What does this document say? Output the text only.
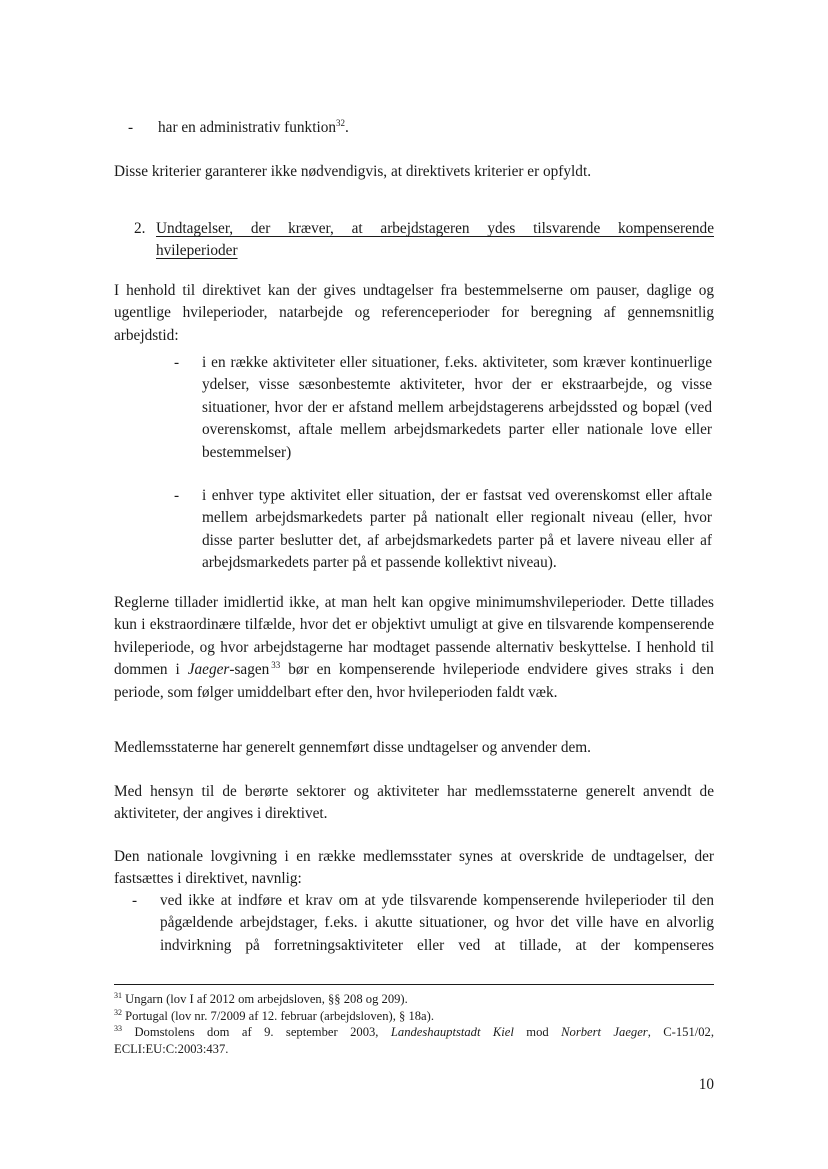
- har en administrativ funktion$^{32}$.
Disse kriterier garanterer ikke nødvendigvis, at direktivets kriterier er opfyldt.
2. Undtagelser, der kræver, at arbejdstageren ydes tilsvarende kompenserende
hvileperioder
I henhold til direktivet kan der gives undtagelser fra bestemmelserne om pauser, daglige og ugentlige hvileperioder, natarbejde og referenceperioder for beregning af gennemsnitlig arbejdstid:
- i en række aktiviteter eller situationer, f.eks. aktiviteter, som kræver kontinuerlige ydelser, visse sæsonbestemte aktiviteter, hvor der er ekstraarbejde, og visse situationer, hvor der er afstand mellem arbejdstagerens arbejdssted og bopæl (ved overenskomst, aftale mellem arbejdsmarkedets parter eller nationale love eller bestemmelser)
- i enhver type aktivitet eller situation, der er fastsat ved overenskomst eller aftale mellem arbejdsmarkedets parter på nationalt eller regionalt niveau (eller, hvor disse parter beslutter det, af arbejdsmarkedets parter på et lavere niveau eller af arbejdsmarkedets parter på et passende kollektivt niveau).
Reglerne tillader imidlertid ikke, at man helt kan opgive minimumshvileperioder. Dette tillades kun i ekstraordinære tilfælde, hvor det er objektivt umuligt at give en tilsvarende kompenserende hvileperiode, og hvor arbejdstagerne har modtaget passende alternativ beskyttelse. I henhold til dommen i Jaeger-sagen $^{33}$ bør en kompenserende hvileperiode endvidere gives straks i den periode, som følger umiddelbart efter den, hvor hvileperioden faldt væk.
Medlemsstaterne har generelt gennemført disse undtagelser og anvender dem.
Med hensyn til de berørte sektorer og aktiviteter har medlemsstaterne generelt anvendt de aktiviteter, der angives i direktivet.
Den nationale lovgivning i en række medlemsstater synes at overskride de undtagelser, der fastsættes i direktivet, navnlig:
- ved ikke at indføre et krav om at yde tilsvarende kompenserende hvileperioder til den pågældende arbejdstager, f.eks. i akutte situationer, og hvor det ville have en alvorlig indvirkning på forretningsaktiviteter eller ved at tillade, at der kompenseres
$^{31}$ Ungarn (lov I af 2012 om arbejdsloven, §§ 208 og 209).
$^{32}$ Portugal (lov nr. 7/2009 af 12. februar (arbejdsloven), § 18a).
$^{33}$ Domstolens dom af 9. september 2003, Landeshauptstadt Kiel mod Norbert Jaeger, C-151/02, ECLI:EU:C:2003:437.
10
